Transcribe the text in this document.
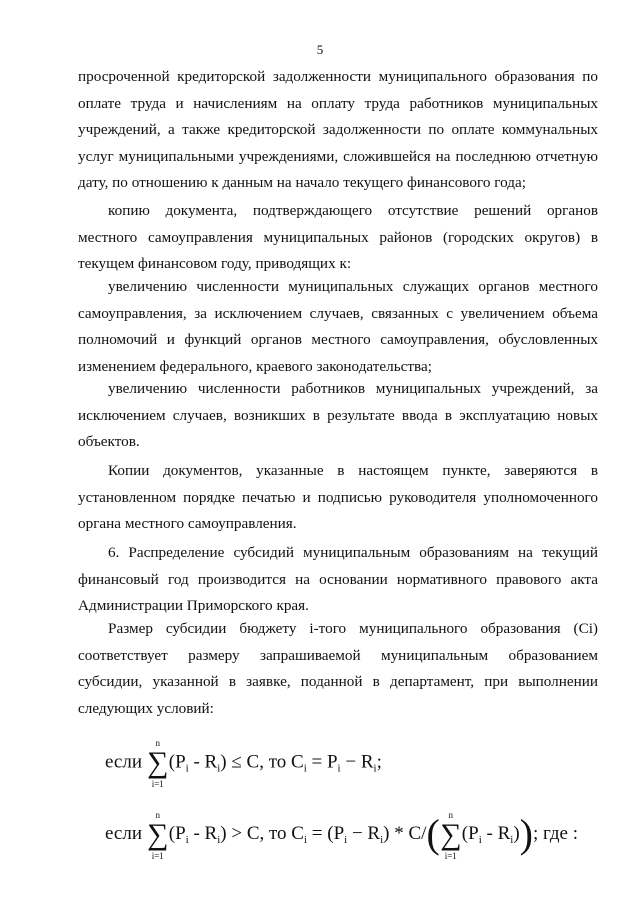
5

просроченной кредиторской задолженности муниципального образования по
оплате труда и начислениям на оплату труда работников муниципальных
учреждений, а также кредиторской задолженности по оплате коммунальных
услуг муниципальными учреждениями, сложившейся на последнюю отчетную
дату, по отношению к данным на начало текущего финансового года;

копию документа, подтверждающего отсутствие решений органов
местного самоуправления муниципальных районов (городских округов) в
текущем финансовом году, приводящих к:

увеличению численности муниципальных служащих органов местного
самоуправления, за исключением случаев, связанных с увеличением объема
полномочий и функций органов местного самоуправления, обусловленных
изменением федерального, краевого законодательства;

увеличению численности работников муниципальных учреждений, за
исключением случаев, возникших в результате ввода в эксплуатацию новых
объектов.

Копии документов, указанные в настоящем пункте, заверяются в
установленном порядке печатью и подписью руководителя уполномоченного
органа местного самоуправления.

6. Распределение субсидий муниципальным образованиям на текущий
финансовый год производится на основании нормативного правового акта
Администрации Приморского края.

Размер субсидии бюджету i-того муниципального образования (Ci)
соответствует размеру запрашиваемой муниципальным образованием
субсидии, указанной в заявке, поданной в департамент, при выполнении
следующих условий:

если
n
∑
i=1
$(P_i - R_i) \le C$, то $C_i = P_i - R_i$;
если
n
∑
i=1
$(P_i - R_i) > C$, то $C_i = (P_i - R_i) * C/$( n
∑
i=1
$(P_i - R_i)$); где :
